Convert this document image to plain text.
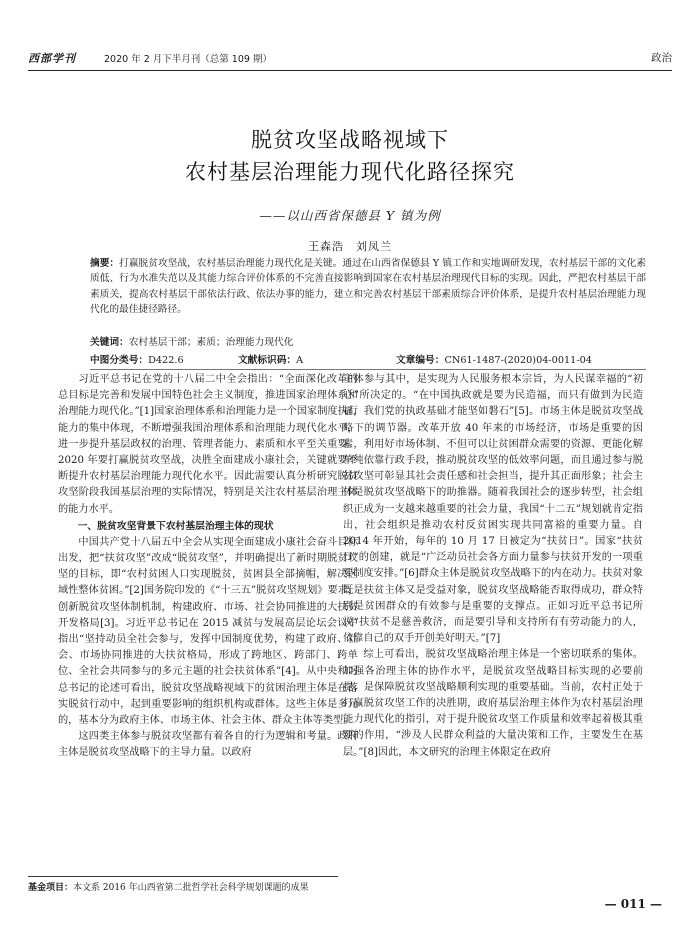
西部学刊	2020 年 2 月下半月刊（总第 109 期）	政治
脱贫攻坚战略视域下
农村基层治理能力现代化路径探究
——以山西省保德县 Y 镇为例
王森浩　刘凤兰
摘要：打赢脱贫攻坚战，农村基层治理能力现代化是关键。通过在山西省保德县 Y 镇工作和实地调研发现，农村基层干部的文化素质低、行为水准失范以及其能力综合评价体系的不完善直接影响到国家在农村基层治理现代目标的实现。因此，严把农村基层干部素质关，提高农村基层干部依法行政、依法办事的能力，建立和完善农村基层干部素质综合评价体系，是提升农村基层治理能力现代化的最佳捷径路径。
关键词：农村基层干部；素质；治理能力现代化
中图分类号：D422.6	文献标识码：A	文章编号：CN61-1487-(2020)04-0011-04

习近平总书记在党的十八届二中全会指出：“全面深化改革的总目标是完善和发展中国特色社会主义制度，推进国家治理体系和治理能力现代化。”[1]国家治理体系和治理能力是一个国家制度执行能力的集中体现，不断增强我国治理体系和治理能力现代化水平，进一步提升基层政权的治理、管理者能力、素质和水平至关重要。2020 年要打赢脱贫攻坚战，决胜全面建成小康社会，关键就要不断提升农村基层治理能力现代化水平。因此需要认真分析研究脱贫攻坚阶段我国基层治理的实际情况，特别是关注农村基层治理主体的能力水平。

一、脱贫攻坚背景下农村基层治理主体的现状

中国共产党十八届五中全会从实现全面建成小康社会奋斗目标出发，把“扶贫攻坚”改成“脱贫攻坚”，并明确提出了新时期脱贫攻坚的目标，即“农村贫困人口实现脱贫，贫困县全部摘帽，解决区域性整体贫困。”[2]国务院印发的《“十三五”脱贫攻坚规划》要求，创新脱贫攻坚体制机制，构建政府、市场、社会协同推进的大扶贫开发格局[3]。习近平总书记在 2015 减贫与发展高层论坛会议中指出“坚持动员全社会参与，发挥中国制度优势，构建了政府、社会、市场协同推进的大扶贫格局，形成了跨地区、跨部门、跨单位、全社会共同参与的多元主题的社会扶贫体系”[4]。从中央和习总书记的论述可看出，脱贫攻坚战略视域下的贫困治理主体是在落实脱贫行动中，起到重要影响的组织机构或群体。这些主体是多元的，基本分为政府主体、市场主体、社会主体、群众主体等类型。

这四类主体参与脱贫攻坚都有着各自的行为逻辑和考量。政府主体是脱贫攻坚战略下的主导力量。以政府

主体参与其中，是实现为人民服务根本宗旨，为人民谋幸福的“初心”所决定的。“在中国执政就是要为民造福，而只有做到为民造福，我们党的执政基础才能坚如磐石”[5]。市场主体是脱贫攻坚战略下的调节器。改革开放 40 年来的市场经济，市场是重要的因素，利用好市场体制、不但可以让贫困群众需要的资源、更能化解单纯依靠行政手段，推动脱贫攻坚的低效率问题，而且通过参与脱贫攻坚可彰显其社会责任感和社会担当，提升其正面形象；社会主体是脱贫攻坚战略下的助推器。随着我国社会的逐步转型，社会组织正成为一支越来越重要的社会力量，我国“十二五”规划就肯定指出，社会组织是推动农村反贫困实现共同富裕的重要力量。自 2014 年开始，每年的 10 月 17 日被定为“扶贫日”。国家“扶贫日”的创建，就是“广泛动员社会各方面力量参与扶贫开发的一项重要制度安排。”[6]群众主体是脱贫攻坚战略下的内在动力。扶贫对象既是扶贫主体又是受益对象，脱贫攻坚战略能否取得成功，群众特别是贫困群众的有效参与是重要的支撑点。正如习近平总书记所说“扶贫不是慈善救济，而是要引导和支持所有有劳动能力的人，依靠自己的双手开创美好明天。”[7]

综上可看出，脱贫攻坚战略治理主体是一个密切联系的集体。加强各治理主体的协作水平，是脱贫攻坚战略目标实现的必要前提，是保障脱贫攻坚战略顺利实现的重要基础。当前，农村正处于打赢脱贫攻坚工作的决胜期，政府基层治理主体作为农村基层治理能力现代化的指引，对于提升脱贫攻坚工作质量和效率起着极其重要的作用，“涉及人民群众利益的大量决策和工作，主要发生在基层。”[8]因此，本文研究的治理主体限定在政府

基金项目：本文系 2016 年山西省第二批哲学社会科学规划课题的成果
— 011 —
